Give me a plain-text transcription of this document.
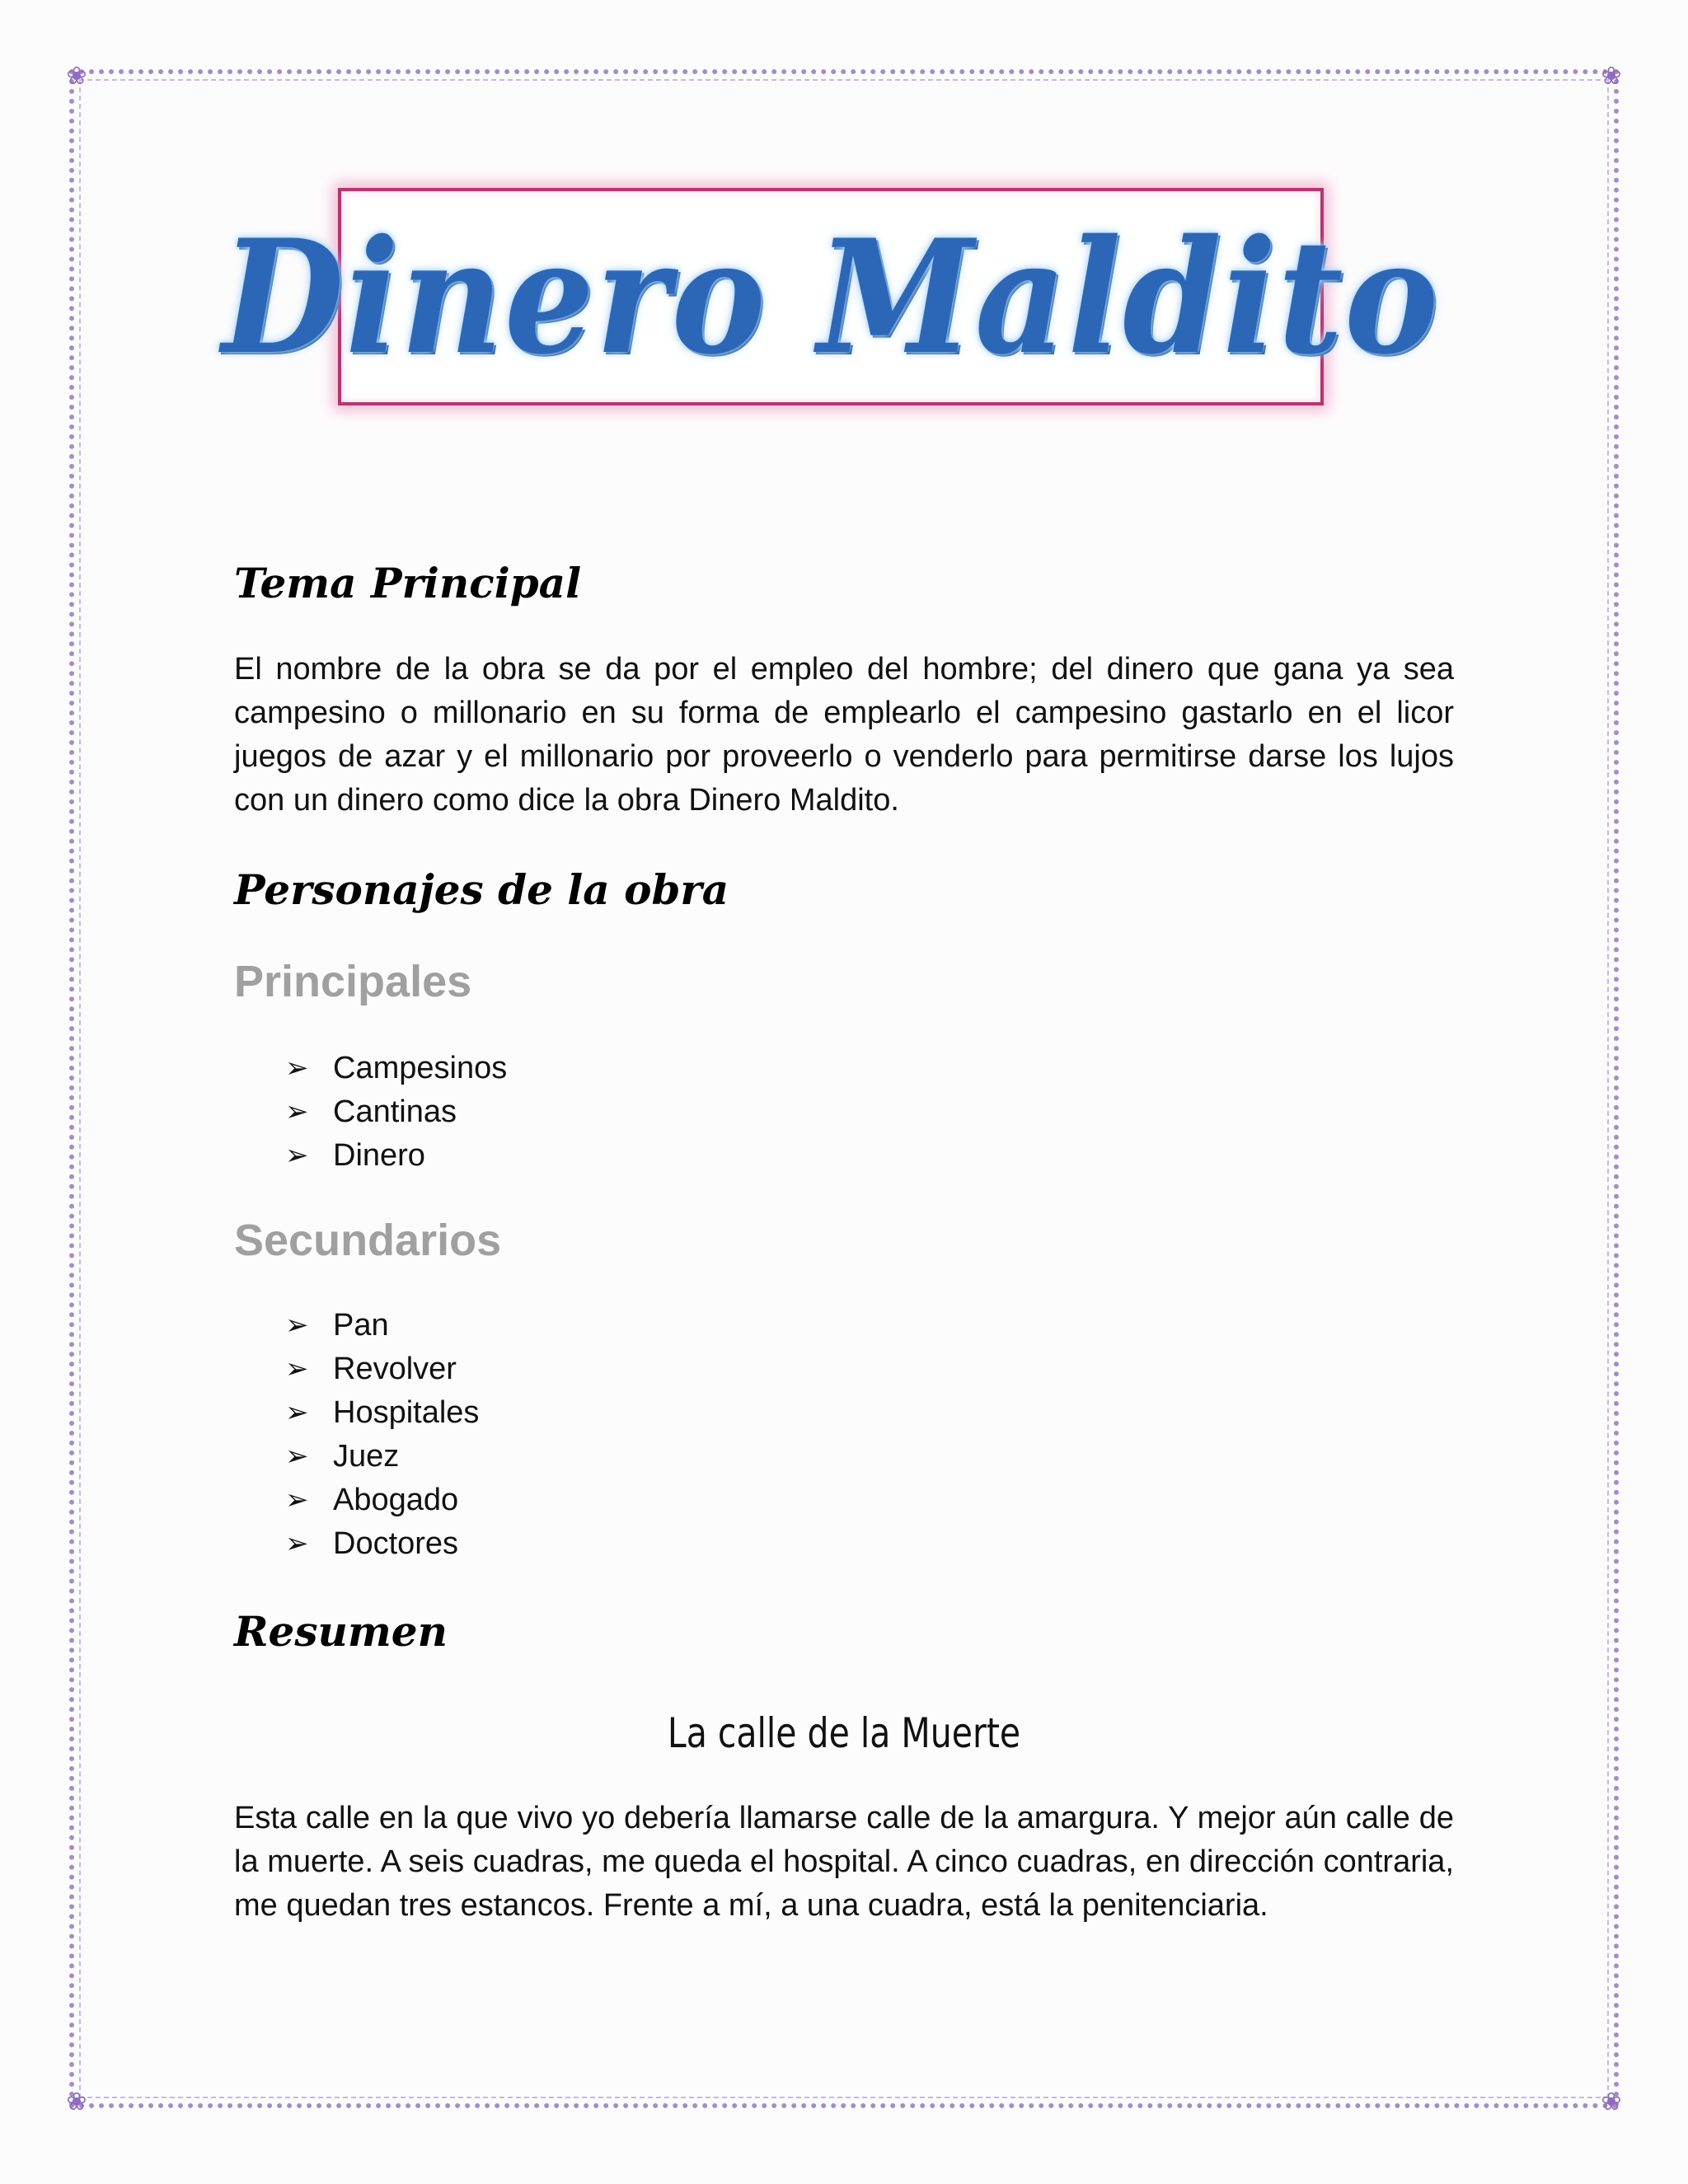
❀	❀
❀	❀
Dinero Maldito
Tema Principal

El nombre de la obra se da por el empleo del hombre; del dinero que gana ya sea campesino o millonario en su forma de emplearlo el campesino gastarlo en el licor juegos de azar y el millonario por proveerlo o venderlo para permitirse darse los lujos con un dinero como dice la obra Dinero Maldito.

Personajes de la obra
Principales
➢ Campesinos
➢ Cantinas
➢ Dinero
Secundarios
➢ Pan
➢ Revolver
➢ Hospitales
➢ Juez
➢ Abogado
➢ Doctores
Resumen
La calle de la Muerte

Esta calle en la que vivo yo debería llamarse calle de la amargura. Y mejor aún calle de la muerte. A seis cuadras, me queda el hospital. A cinco cuadras, en dirección contraria, me quedan tres estancos. Frente a mí, a una cuadra, está la penitenciaria.
